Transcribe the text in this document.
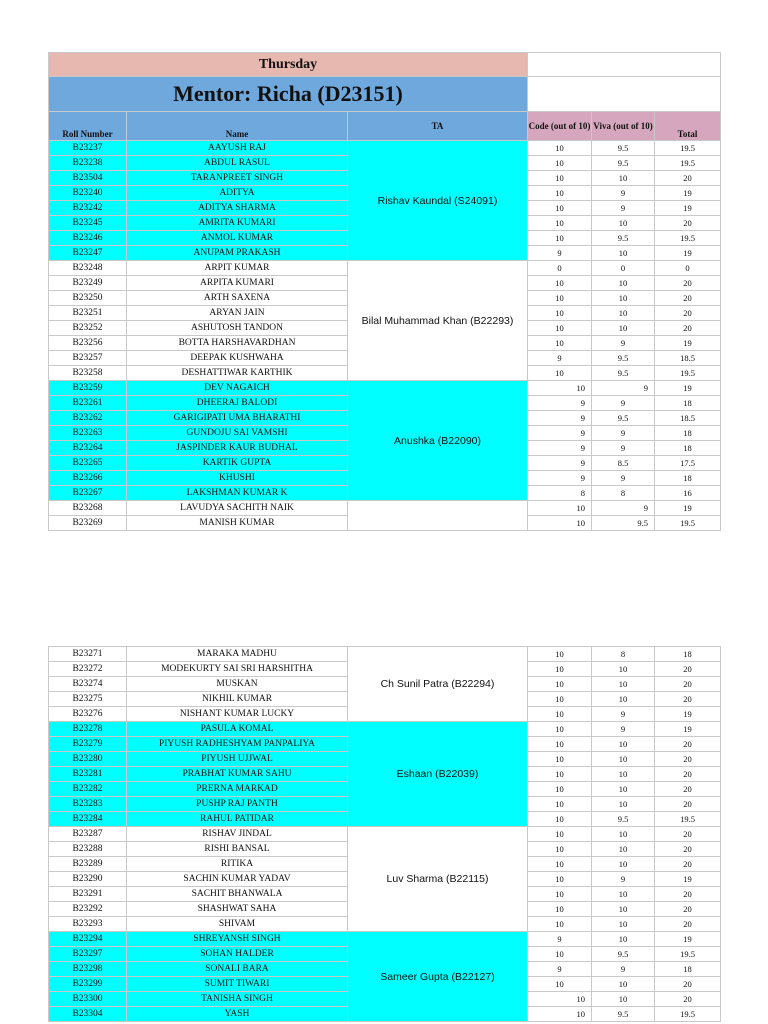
Thursday					
Mentor: Richa (D23151)					
Roll Number	Name	TA	Code (out of 10)	Viva (out of 10)	Total
B23237	AAYUSH RAJ	Rishav Kaundal (S24091)	10	9.5	19.5
B23238	ABDUL RASUL		10	9.5	19.5
B23504	TARANPREET SINGH		10	10	20
B23240	ADITYA		10	9	19
B23242	ADITYA SHARMA		10	9	19
B23245	AMRITA KUMARI		10	10	20
B23246	ANMOL KUMAR		10	9.5	19.5
B23247	ANUPAM PRAKASH		9	10	19
B23248	ARPIT KUMAR	Bilal Muhammad Khan (B22293)	0	0	0
B23249	ARPITA KUMARI		10	10	20
B23250	ARTH SAXENA		10	10	20
B23251	ARYAN JAIN		10	10	20
B23252	ASHUTOSH TANDON		10	10	20
B23256	BOTTA HARSHAVARDHAN		10	9	19
B23257	DEEPAK KUSHWAHA		9	9.5	18.5
B23258	DESHATTIWAR KARTHIK		10	9.5	19.5
B23259	DEV NAGAICH	Anushka (B22090)	10	9	19
B23261	DHEERAJ BALODI		9	9	18
B23262	GARIGIPATI UMA BHARATHI		9	9.5	18.5
B23263	GUNDOJU SAI VAMSHI		9	9	18
B23264	JASPINDER KAUR BUDHAL		9	9	18
B23265	KARTIK GUPTA		9	8.5	17.5
B23266	KHUSHI		9	9	18
B23267	LAKSHMAN KUMAR K		8	8	16
B23268	LAVUDYA SACHITH NAIK		10	9	19
B23269	MANISH KUMAR		10	9.5	19.5
B23271	MARAKA MADHU	Ch Sunil Patra (B22294)	10	8	18
B23272	MODEKURTY SAI SRI HARSHITHA		10	10	20
B23274	MUSKAN		10	10	20
B23275	NIKHIL KUMAR		10	10	20
B23276	NISHANT KUMAR LUCKY		10	9	19
B23278	PASULA KOMAL	Eshaan (B22039)	10	9	19
B23279	PIYUSH RADHESHYAM PANPALIYA		10	10	20
B23280	PIYUSH UJJWAL		10	10	20
B23281	PRABHAT KUMAR SAHU		10	10	20
B23282	PRERNA MARKAD		10	10	20
B23283	PUSHP RAJ PANTH		10	10	20
B23284	RAHUL PATIDAR		10	9.5	19.5
B23287	RISHAV JINDAL	Luv Sharma (B22115)	10	10	20
B23288	RISHI BANSAL		10	10	20
B23289	RITIKA		10	10	20
B23290	SACHIN KUMAR YADAV		10	9	19
B23291	SACHIT BHANWALA		10	10	20
B23292	SHASHWAT SAHA		10	10	20
B23293	SHIVAM		10	10	20
B23294	SHREYANSH SINGH	Sameer Gupta (B22127)	9	10	19
B23297	SOHAN HALDER		10	9.5	19.5
B23298	SONALI BARA		9	9	18
B23299	SUMIT TIWARI		10	10	20
B23300	TANISHA SINGH		10	10	20
B23304	YASH		10	9.5	19.5
